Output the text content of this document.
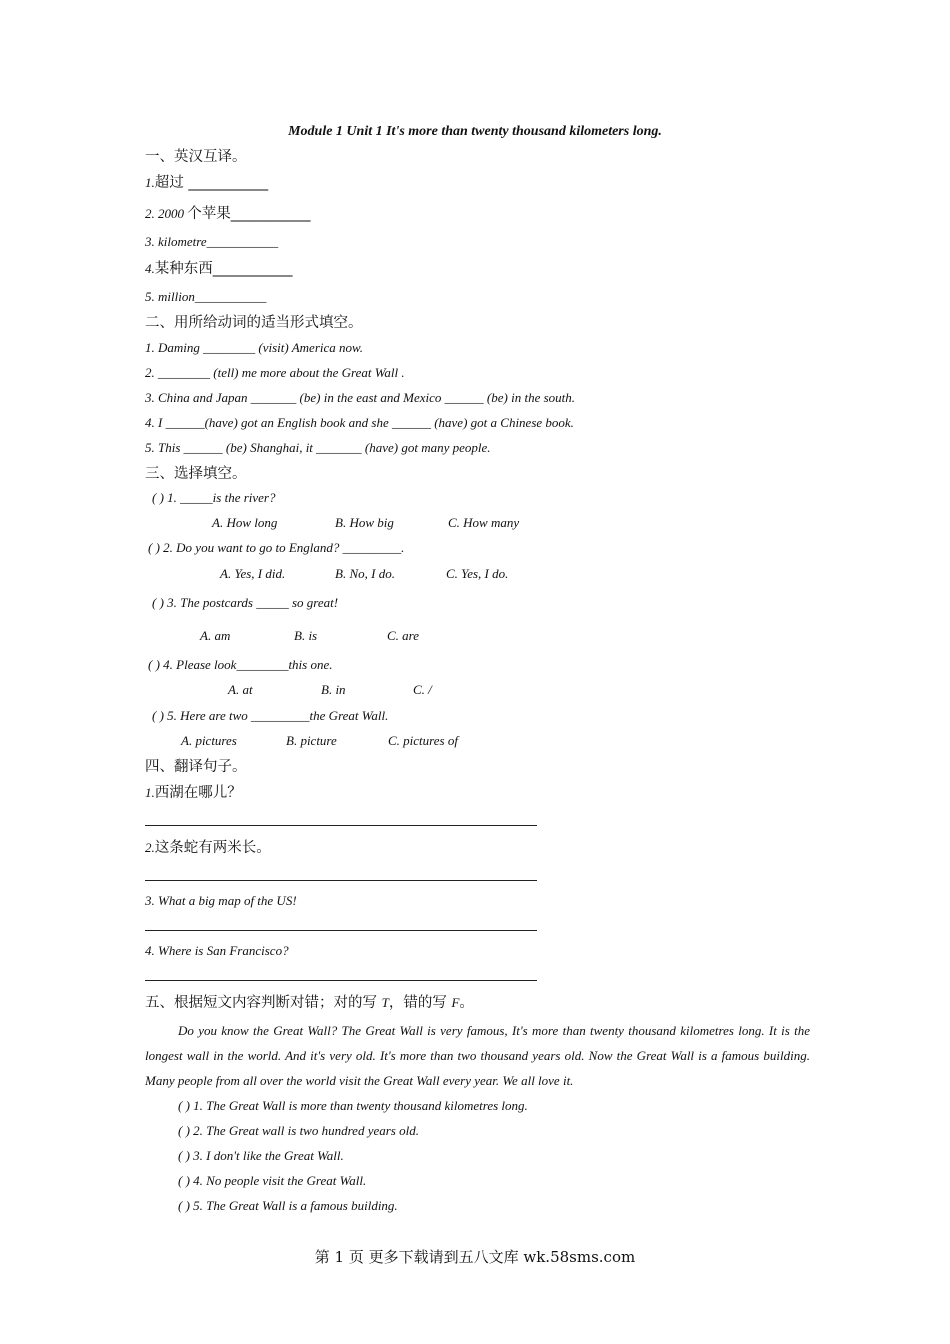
Module 1 Unit 1 It's more than twenty thousand kilometers long.
一、英汉互译。
1.超过 ___________
2. 2000 个苹果___________
3. kilometre___________
4.某种东西___________
5. million___________
二、用所给动词的适当形式填空。
1. Daming ________ (visit) America now.
2. ________ (tell) me more about the Great Wall .
3. China and Japan _______ (be) in the east and Mexico ______ (be) in the south.
4. I ______(have) got an English book and she ______ (have) got a Chinese book.
5. This ______ (be) Shanghai, it _______ (have) got many people.
三、选择填空。
( ) 1. _____is the river?
A. How long	B. How big	C. How many
( ) 2. Do you want to go to England? _________.
A. Yes, I did.	B. No, I do.	C. Yes, I do.
( ) 3. The postcards _____ so great!
A. am	B. is	C. are
( ) 4. Please look________this one.
A. at	B. in	C. /
( ) 5. Here are two _________the Great Wall.
A. pictures	B. picture	C. pictures of
四、翻译句子。
1.西湖在哪儿？
2.这条蛇有两米长。
3. What a big map of the US!
4. Where is San Francisco?
五、根据短文内容判断对错；对的写 T，错的写 F。
Do you know the Great Wall? The Great Wall is very famous, It's more than twenty thousand kilometres long. It is the longest wall in the world. And it's very old. It's more than two thousand years old. Now the Great Wall is a famous building. Many people from all over the world visit the Great Wall every year. We all love it.
( ) 1. The Great Wall is more than twenty thousand kilometres long.
( ) 2. The Great wall is two hundred years old.
( ) 3. I don't like the Great Wall.
( ) 4. No people visit the Great Wall.
( ) 5. The Great Wall is a famous building.
第 1 页 更多下载请到五八文库 wk.58sms.com
